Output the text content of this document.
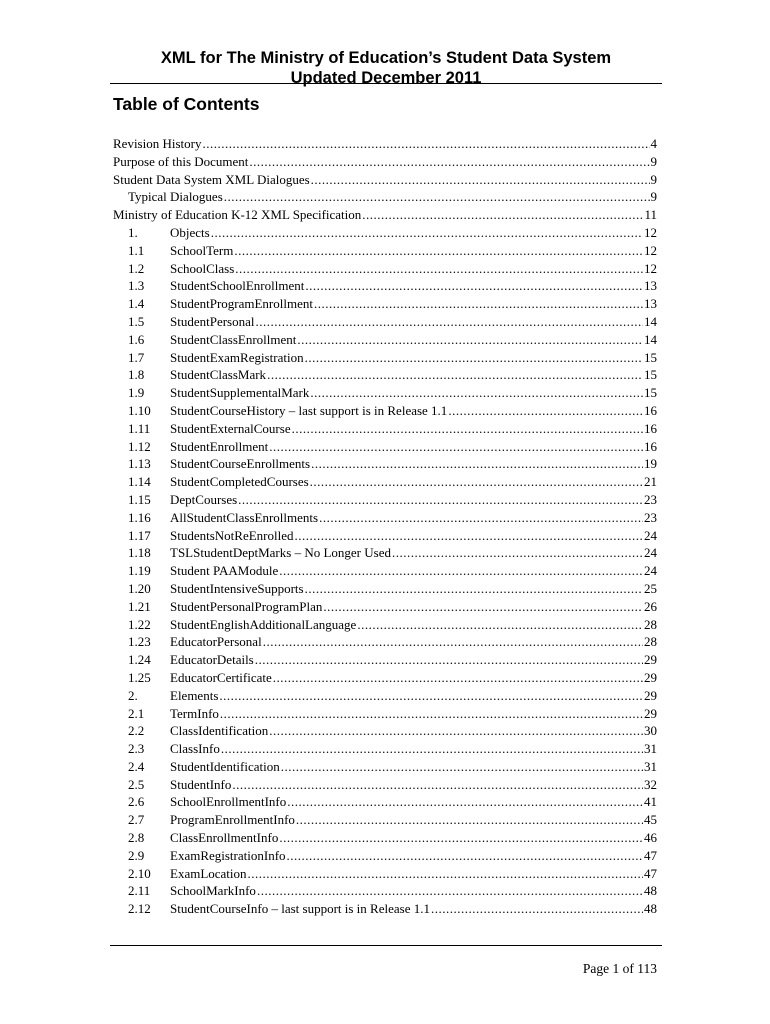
XML for The Ministry of Education’s Student Data System
Updated December 2011
Table of Contents
Revision History .....	4
Purpose of this Document .....	9
Student Data System XML Dialogues .....	9
Typical Dialogues .....	9
Ministry of Education K-12 XML Specification .....	11
1.	Objects .....	12
1.1	SchoolTerm .....	12
1.2	SchoolClass .....	12
1.3	StudentSchoolEnrollment .....	13
1.4	StudentProgramEnrollment .....	13
1.5	StudentPersonal .....	14
1.6	StudentClassEnrollment .....	14
1.7	StudentExamRegistration .....	15
1.8	StudentClassMark .....	15
1.9	StudentSupplementalMark .....	15
1.10	StudentCourseHistory – last support is in Release 1.1 .....	16
1.11	StudentExternalCourse .....	16
1.12	StudentEnrollment .....	16
1.13	StudentCourseEnrollments .....	19
1.14	StudentCompletedCourses .....	21
1.15	DeptCourses .....	23
1.16	AllStudentClassEnrollments .....	23
1.17	StudentsNotReEnrolled .....	24
1.18	TSLStudentDeptMarks – No Longer Used .....	24
1.19	Student PAAModule .....	24
1.20	StudentIntensiveSupports .....	25
1.21	StudentPersonalProgramPlan .....	26
1.22	StudentEnglishAdditionalLanguage .....	28
1.23	EducatorPersonal .....	28
1.24	EducatorDetails .....	29
1.25	EducatorCertificate .....	29
2.	Elements .....	29
2.1	TermInfo .....	29
2.2	ClassIdentification .....	30
2.3	ClassInfo .....	31
2.4	StudentIdentification .....	31
2.5	StudentInfo .....	32
2.6	SchoolEnrollmentInfo .....	41
2.7	ProgramEnrollmentInfo .....	45
2.8	ClassEnrollmentInfo .....	46
2.9	ExamRegistrationInfo .....	47
2.10	ExamLocation .....	47
2.11	SchoolMarkInfo .....	48
2.12	StudentCourseInfo – last support is in Release 1.1 .....	48
Page 1 of 113
